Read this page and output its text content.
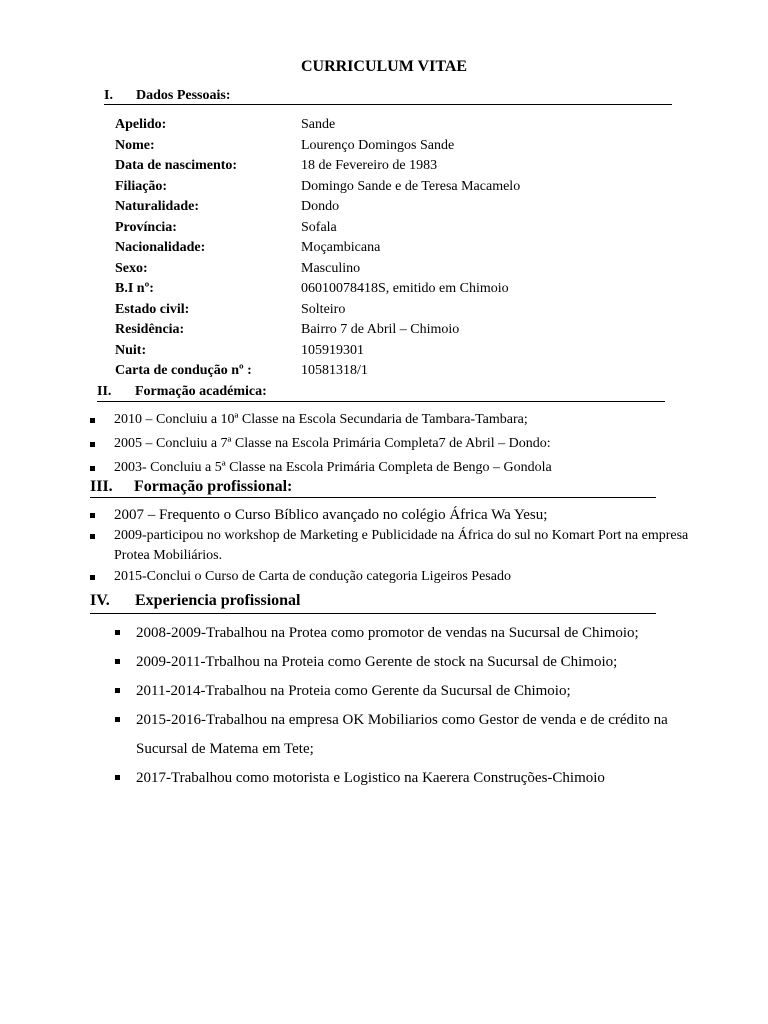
CURRICULUM VITAE
I. Dados Pessoais:
Apelido:	Sande
Nome:	Lourenço Domingos Sande
Data de nascimento:	18 de Fevereiro de 1983
Filiação:	Domingo Sande e de Teresa Macamelo
Naturalidade:	Dondo
Província:	Sofala
Nacionalidade:	Moçambicana
Sexo:	Masculino
B.I nº:	06010078418S, emitido em Chimoio
Estado civil:	Solteiro
Residência:	Bairro 7 de Abril – Chimoio
Nuit:	105919301
Carta de condução nº :	10581318/1
II. Formação académica:
2010 – Concluiu a 10ª Classe na Escola Secundaria de Tambara-Tambara;
2005 – Concluiu a 7ª Classe na Escola Primária Completa7 de Abril – Dondo:
2003- Concluiu a 5ª Classe na Escola Primária Completa de Bengo – Gondola
III. Formação profissional:
2007 – Frequento o Curso Bíblico avançado no colégio África Wa Yesu;
2009-participou no workshop de Marketing e Publicidade na África do sul no Komart Port na empresa Protea Mobiliários.
2015-Conclui o Curso de Carta de condução categoria Ligeiros Pesado
IV. Experiencia profissional
2008-2009-Trabalhou na Protea como promotor de vendas na Sucursal de Chimoio;
2009-2011-Trbalhou na Proteia como Gerente de stock na Sucursal de Chimoio;
2011-2014-Trabalhou na Proteia como Gerente da Sucursal de Chimoio;
2015-2016-Trabalhou na empresa OK Mobiliarios como Gestor de venda e de crédito na Sucursal de Matema em Tete;
2017-Trabalhou como motorista e Logistico na Kaerera Construções-Chimoio
